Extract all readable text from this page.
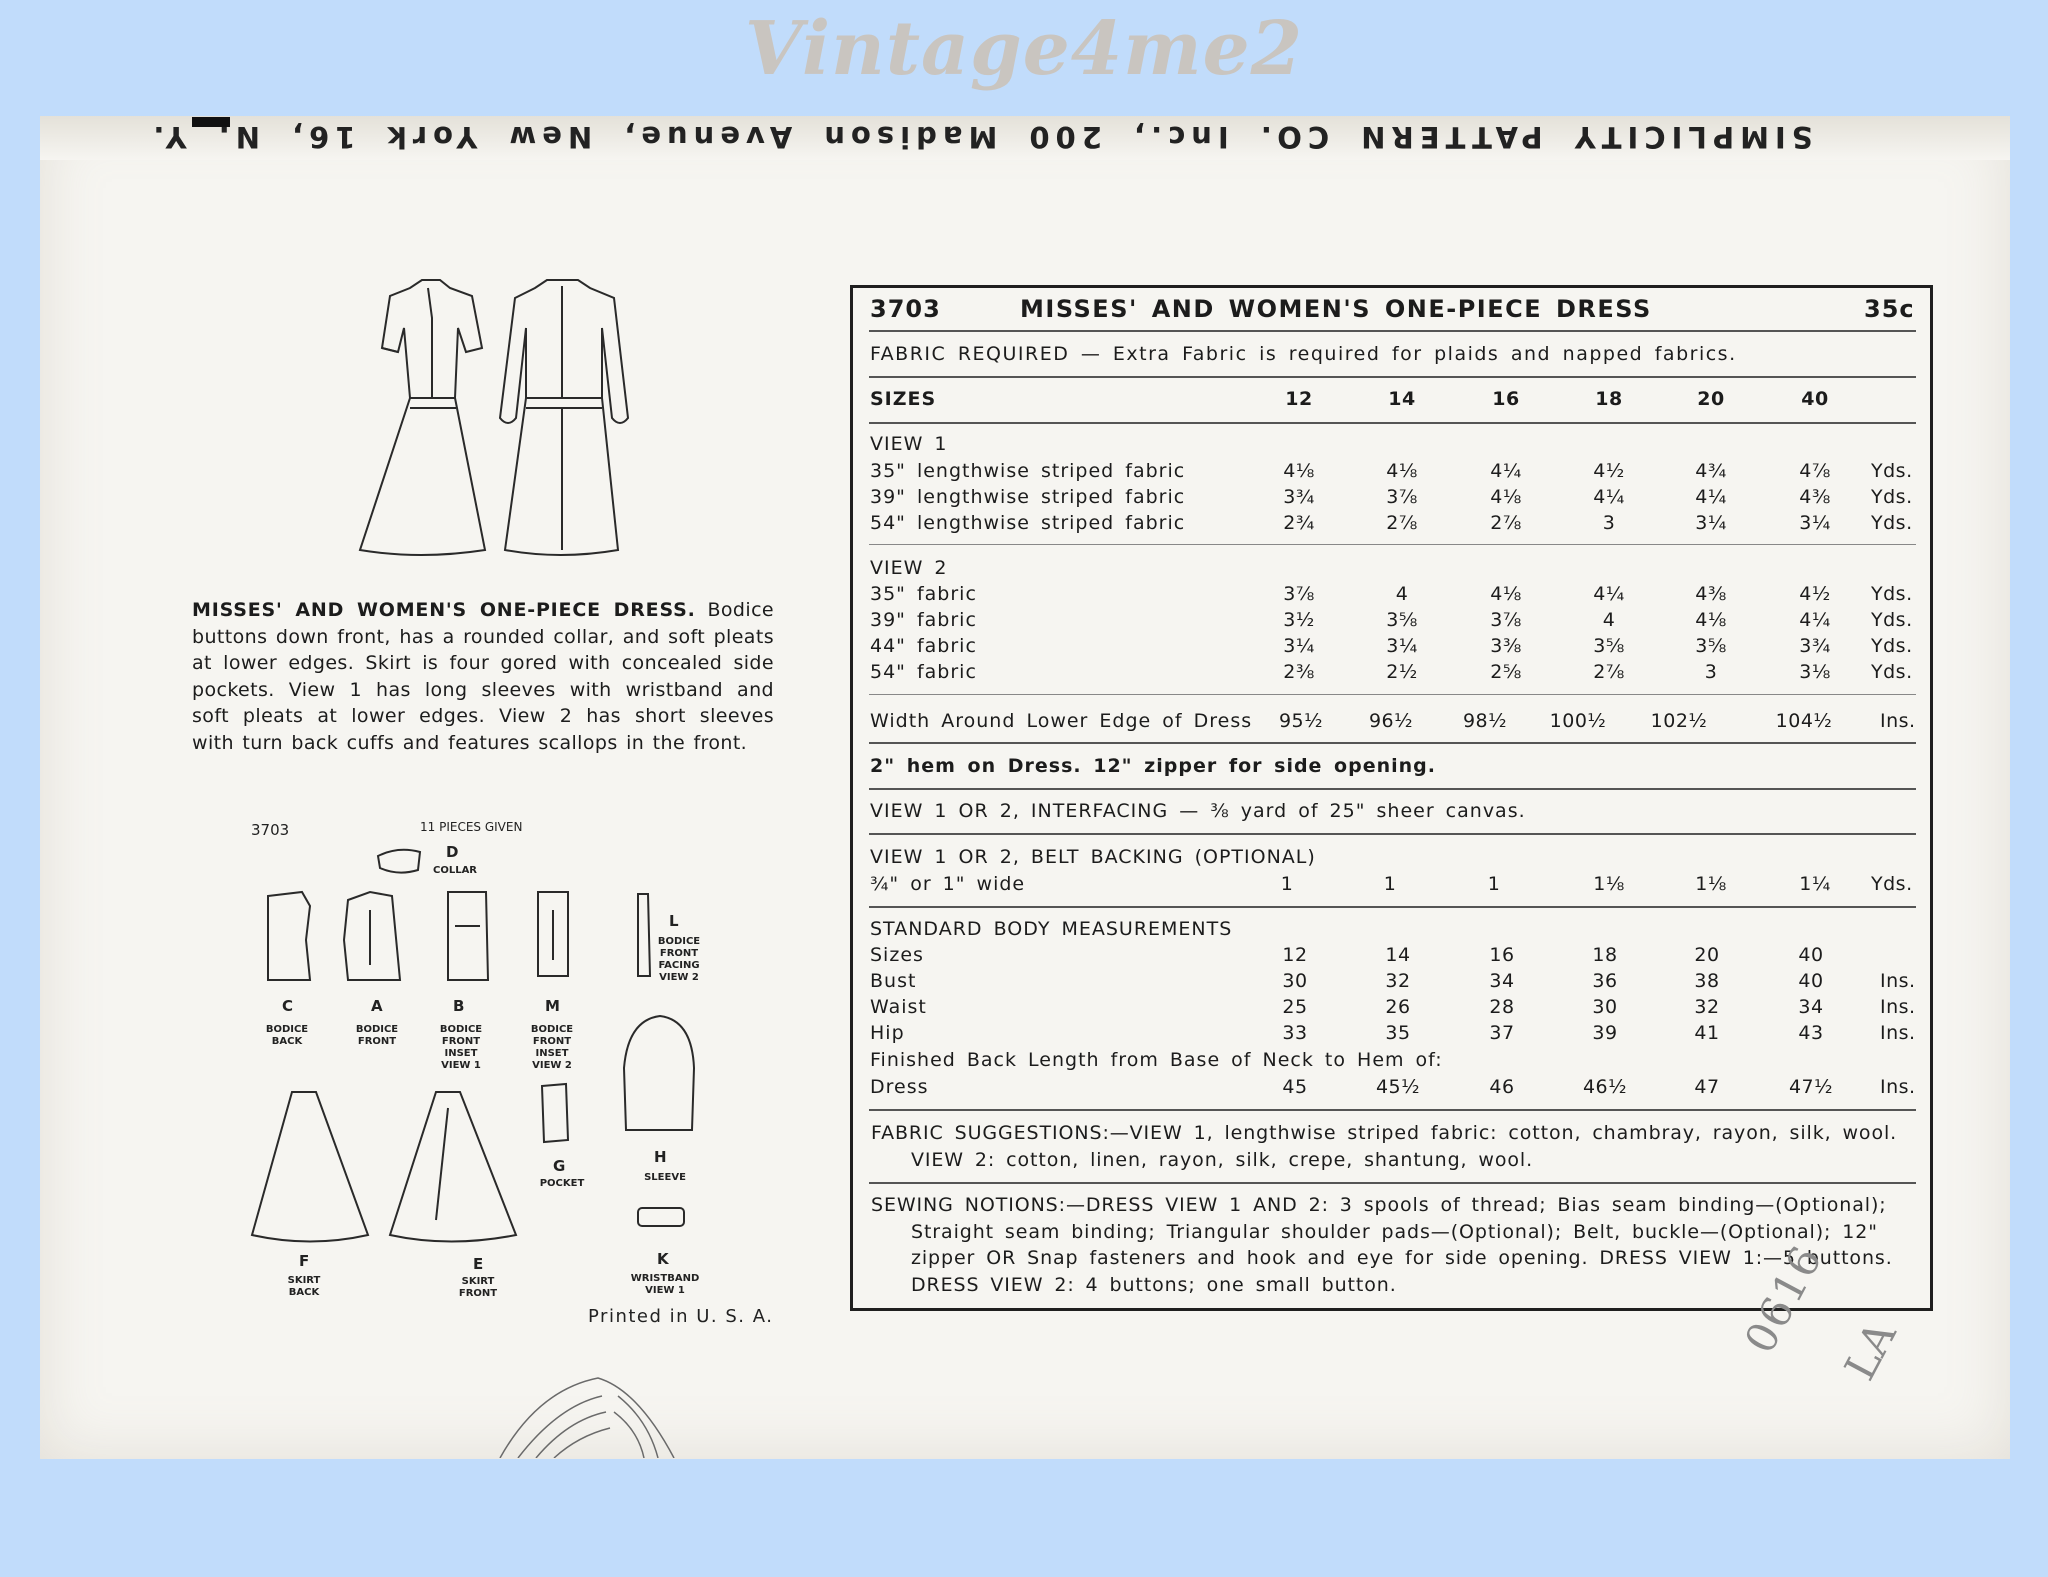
Vintage4me2
SIMPLICITY PATTERN CO. Inc., 200 Madison Avenue, New York 16, N. Y.
MISSES' AND WOMEN'S ONE-PIECE DRESS. Bodice buttons down front, has a rounded collar, and soft pleats at lower edges. Skirt is four gored with concealed side pockets. View 1 has long sleeves with wristband and soft pleats at lower edges. View 2 has short sleeves with turn back cuffs and features scallops in the front.
3703	11 PIECES GIVEN
D
COLLAR
C
BODICE BACK
A
BODICE FRONT
B
BODICE FRONT INSET VIEW 1
M
BODICE FRONT INSET VIEW 2
L
BODICE FRONT FACING VIEW 2
G
POCKET
H
SLEEVE
K
WRISTBAND VIEW 1
F
SKIRT BACK
E
SKIRT FRONT
Printed in U. S. A.
3703	MISSES' AND WOMEN'S ONE-PIECE DRESS	35c
FABRIC REQUIRED — Extra Fabric is required for plaids and napped fabrics.
SIZES	12	14	16	18	20	40
VIEW 1
35" lengthwise striped fabric	4⅛	4⅛	4¼	4½	4¾	4⅞	Yds.
39" lengthwise striped fabric	3¾	3⅞	4⅛	4¼	4¼	4⅜	Yds.
54" lengthwise striped fabric	2¾	2⅞	2⅞	3	3¼	3¼	Yds.
VIEW 2
35" fabric	3⅞	4	4⅛	4¼	4⅜	4½	Yds.
39" fabric	3½	3⅝	3⅞	4	4⅛	4¼	Yds.
44" fabric	3¼	3¼	3⅜	3⅝	3⅝	3¾	Yds.
54" fabric	2⅜	2½	2⅝	2⅞	3	3⅛	Yds.
Width Around Lower Edge of Dress	95½	96½	98½	100½	102½	104½	Ins.
2" hem on Dress. 12" zipper for side opening.
VIEW 1 OR 2, INTERFACING — ⅜ yard of 25" sheer canvas.
VIEW 1 OR 2, BELT BACKING (OPTIONAL)
¾" or 1" wide	1	1	1	1⅛	1⅛	1¼	Yds.
STANDARD BODY MEASUREMENTS
Sizes	12	14	16	18	20	40
Bust	30	32	34	36	38	40	Ins.
Waist	25	26	28	30	32	34	Ins.
Hip	33	35	37	39	41	43	Ins.
Finished Back Length from Base of Neck to Hem of:
Dress	45	45½	46	46½	47	47½	Ins.
FABRIC SUGGESTIONS:—VIEW 1, lengthwise striped fabric: cotton, chambray, rayon, silk, wool.
VIEW 2: cotton, linen, rayon, silk, crepe, shantung, wool.
SEWING NOTIONS:—DRESS VIEW 1 AND 2: 3 spools of thread; Bias seam binding—(Optional);
Straight seam binding; Triangular shoulder pads—(Optional); Belt, buckle—(Optional); 12"
zipper OR Snap fasteners and hook and eye for side opening. DRESS VIEW 1:—5 buttons.
DRESS VIEW 2: 4 buttons; one small button.	0616 LA
